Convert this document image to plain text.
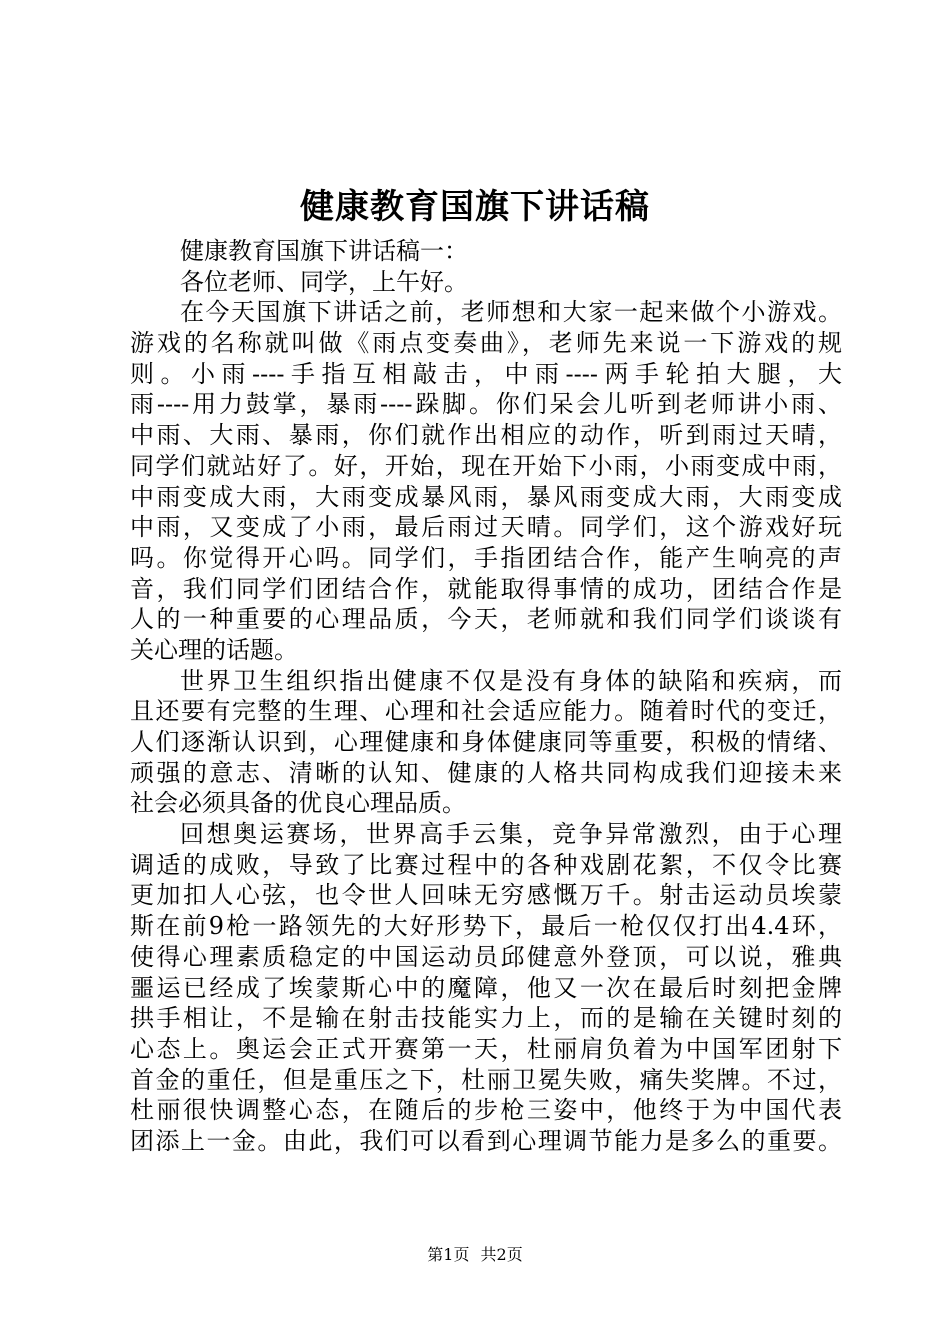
健康教育国旗下讲话稿
健康教育国旗下讲话稿一：
各位老师、同学，上午好。
在今天国旗下讲话之前，老师想和大家一起来做个小游戏。
游戏的名称就叫做《雨点变奏曲》，老师先来说一下游戏的规
则。小雨----手指互相敲击，中雨----两手轮拍大腿，大
雨----用力鼓掌，暴雨----跺脚。你们呆会儿听到老师讲小雨、
中雨、大雨、暴雨，你们就作出相应的动作，听到雨过天晴，
同学们就站好了。好，开始，现在开始下小雨，小雨变成中雨，
中雨变成大雨，大雨变成暴风雨，暴风雨变成大雨，大雨变成
中雨，又变成了小雨，最后雨过天晴。同学们，这个游戏好玩
吗。你觉得开心吗。同学们，手指团结合作，能产生响亮的声
音，我们同学们团结合作，就能取得事情的成功，团结合作是
人的一种重要的心理品质，今天，老师就和我们同学们谈谈有
关心理的话题。
世界卫生组织指出健康不仅是没有身体的缺陷和疾病，而
且还要有完整的生理、心理和社会适应能力。随着时代的变迁，
人们逐渐认识到，心理健康和身体健康同等重要，积极的情绪、
顽强的意志、清晰的认知、健康的人格共同构成我们迎接未来
社会必须具备的优良心理品质。
回想奥运赛场，世界高手云集，竞争异常激烈，由于心理
调适的成败，导致了比赛过程中的各种戏剧花絮，不仅令比赛
更加扣人心弦，也令世人回味无穷感慨万千。射击运动员埃蒙
斯在前9枪一路领先的大好形势下，最后一枪仅仅打出4.4环，
使得心理素质稳定的中国运动员邱健意外登顶，可以说，雅典
噩运已经成了埃蒙斯心中的魔障，他又一次在最后时刻把金牌
拱手相让，不是输在射击技能实力上，而的是输在关键时刻的
心态上。奥运会正式开赛第一天，杜丽肩负着为中国军团射下
首金的重任，但是重压之下，杜丽卫冕失败，痛失奖牌。不过，
杜丽很快调整心态，在随后的步枪三姿中，他终于为中国代表
团添上一金。由此，我们可以看到心理调节能力是多么的重要。
第1页 共2页
